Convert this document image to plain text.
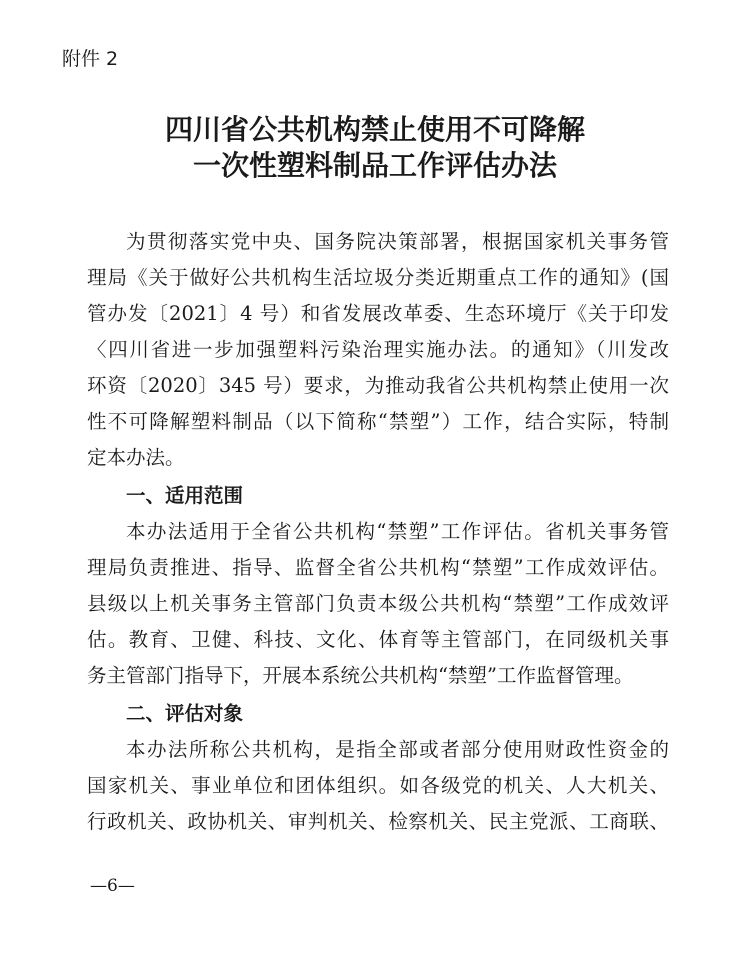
附件 2
四川省公共机构禁止使用不可降解
一次性塑料制品工作评估办法
为贯彻落实党中央、国务院决策部署，根据国家机关事务管
理局《关于做好公共机构生活垃圾分类近期重点工作的通知》(国
管办发〔2021〕4 号）和省发展改革委、生态环境厅《关于印发
〈四川省进一步加强塑料污染治理实施办法。的通知》（川发改
环资〔2020〕345 号）要求，为推动我省公共机构禁止使用一次
性不可降解塑料制品（以下简称“禁塑”）工作，结合实际，特制
定本办法。
一、适用范围
本办法适用于全省公共机构“禁塑”工作评估。省机关事务管
理局负责推进、指导、监督全省公共机构“禁塑”工作成效评估。
县级以上机关事务主管部门负责本级公共机构“禁塑”工作成效评
估。教育、卫健、科技、文化、体育等主管部门，在同级机关事
务主管部门指导下，开展本系统公共机构“禁塑”工作监督管理。
二、评估对象
本办法所称公共机构，是指全部或者部分使用财政性资金的
国家机关、事业单位和团体组织。如各级党的机关、人大机关、
行政机关、政协机关、审判机关、检察机关、民主党派、工商联、
—6—
